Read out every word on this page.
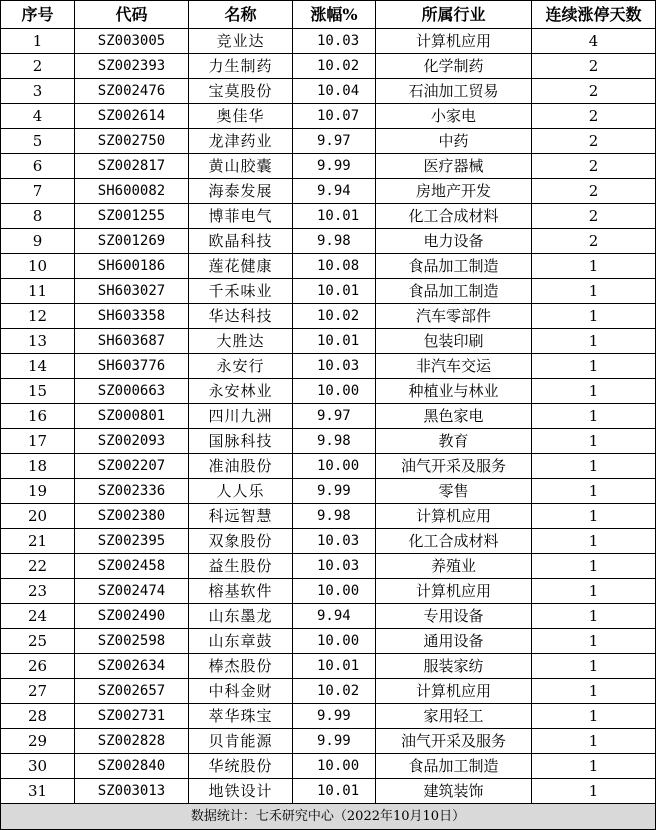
序号	代码	名称	涨幅%	所属行业	连续涨停天数
1	SZ003005	竞业达	10.03	计算机应用	4
2	SZ002393	力生制药	10.02	化学制药	2
3	SZ002476	宝莫股份	10.04	石油加工贸易	2
4	SZ002614	奥佳华	10.07	小家电	2
5	SZ002750	龙津药业	9.97	中药	2
6	SZ002817	黄山胶囊	9.99	医疗器械	2
7	SH600082	海泰发展	9.94	房地产开发	2
8	SZ001255	博菲电气	10.01	化工合成材料	2
9	SZ001269	欧晶科技	9.98	电力设备	2
10	SH600186	莲花健康	10.08	食品加工制造	1
11	SH603027	千禾味业	10.01	食品加工制造	1
12	SH603358	华达科技	10.02	汽车零部件	1
13	SH603687	大胜达	10.01	包装印刷	1
14	SH603776	永安行	10.03	非汽车交运	1
15	SZ000663	永安林业	10.00	种植业与林业	1
16	SZ000801	四川九洲	9.97	黑色家电	1
17	SZ002093	国脉科技	9.98	教育	1
18	SZ002207	准油股份	10.00	油气开采及服务	1
19	SZ002336	人人乐	9.99	零售	1
20	SZ002380	科远智慧	9.98	计算机应用	1
21	SZ002395	双象股份	10.03	化工合成材料	1
22	SZ002458	益生股份	10.03	养殖业	1
23	SZ002474	榕基软件	10.00	计算机应用	1
24	SZ002490	山东墨龙	9.94	专用设备	1
25	SZ002598	山东章鼓	10.00	通用设备	1
26	SZ002634	棒杰股份	10.01	服装家纺	1
27	SZ002657	中科金财	10.02	计算机应用	1
28	SZ002731	萃华珠宝	9.99	家用轻工	1
29	SZ002828	贝肯能源	9.99	油气开采及服务	1
30	SZ002840	华统股份	10.00	食品加工制造	1
31	SZ003013	地铁设计	10.01	建筑装饰	1
数据统计：七禾研究中心（2022年10月10日）					
